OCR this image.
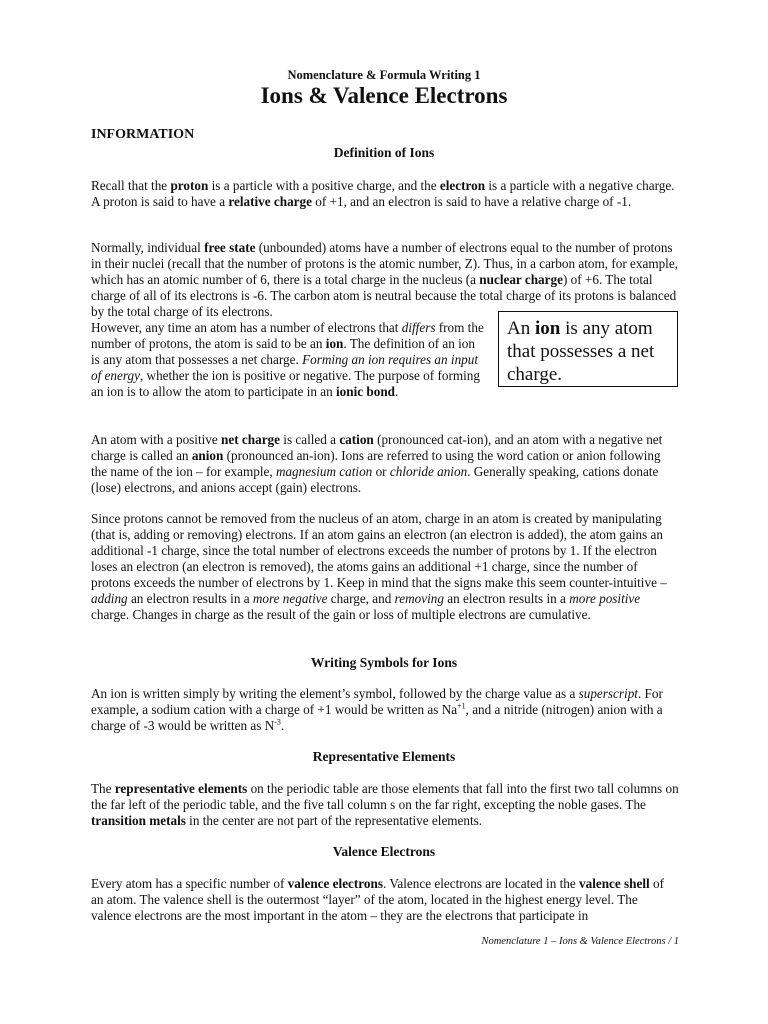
Nomenclature & Formula Writing 1
Ions & Valence Electrons
INFORMATION
Definition of Ions

Recall that the proton is a particle with a positive charge, and the electron is a particle with a negative charge. A proton is said to have a relative charge of +1, and an electron is said to have a relative charge of -1.

Normally, individual free state (unbounded) atoms have a number of electrons equal to the number of protons in their nuclei (recall that the number of protons is the atomic number, Z). Thus, in a carbon atom, for example, which has an atomic number of 6, there is a total charge in the nucleus (a nuclear charge) of +6. The total charge of all of its electrons is -6. The carbon atom is neutral because the total charge of its protons is balanced by the total charge of its electrons.

However, any time an atom has a number of electrons that differs from the number of protons, the atom is said to be an ion. The definition of an ion is any atom that possesses a net charge. Forming an ion requires an input of energy, whether the ion is positive or negative. The purpose of forming an ion is to allow the atom to participate in an ionic bond.

An ion is any atom that possesses a net charge.

An atom with a positive net charge is called a cation (pronounced cat-ion), and an atom with a negative net charge is called an anion (pronounced an-ion). Ions are referred to using the word cation or anion following the name of the ion – for example, magnesium cation or chloride anion. Generally speaking, cations donate (lose) electrons, and anions accept (gain) electrons.

Since protons cannot be removed from the nucleus of an atom, charge in an atom is created by manipulating (that is, adding or removing) electrons. If an atom gains an electron (an electron is added), the atom gains an additional -1 charge, since the total number of electrons exceeds the number of protons by 1. If the electron loses an electron (an electron is removed), the atoms gains an additional +1 charge, since the number of protons exceeds the number of electrons by 1. Keep in mind that the signs make this seem counter-intuitive – adding an electron results in a more negative charge, and removing an electron results in a more positive charge. Changes in charge as the result of the gain or loss of multiple electrons are cumulative.

Writing Symbols for Ions

An ion is written simply by writing the element’s symbol, followed by the charge value as a superscript. For example, a sodium cation with a charge of +1 would be written as $Na^{+1}$, and a nitride (nitrogen) anion with a charge of -3 would be written as $N^{-3}$.

Representative Elements

The representative elements on the periodic table are those elements that fall into the first two tall columns on the far left of the periodic table, and the five tall column s on the far right, excepting the noble gases. The transition metals in the center are not part of the representative elements.

Valence Electrons

Every atom has a specific number of valence electrons. Valence electrons are located in the valence shell of an atom. The valence shell is the outermost “layer” of the atom, located in the highest energy level. The valence electrons are the most important in the atom – they are the electrons that participate in

Nomenclature 1 – Ions & Valence Electrons / 1
